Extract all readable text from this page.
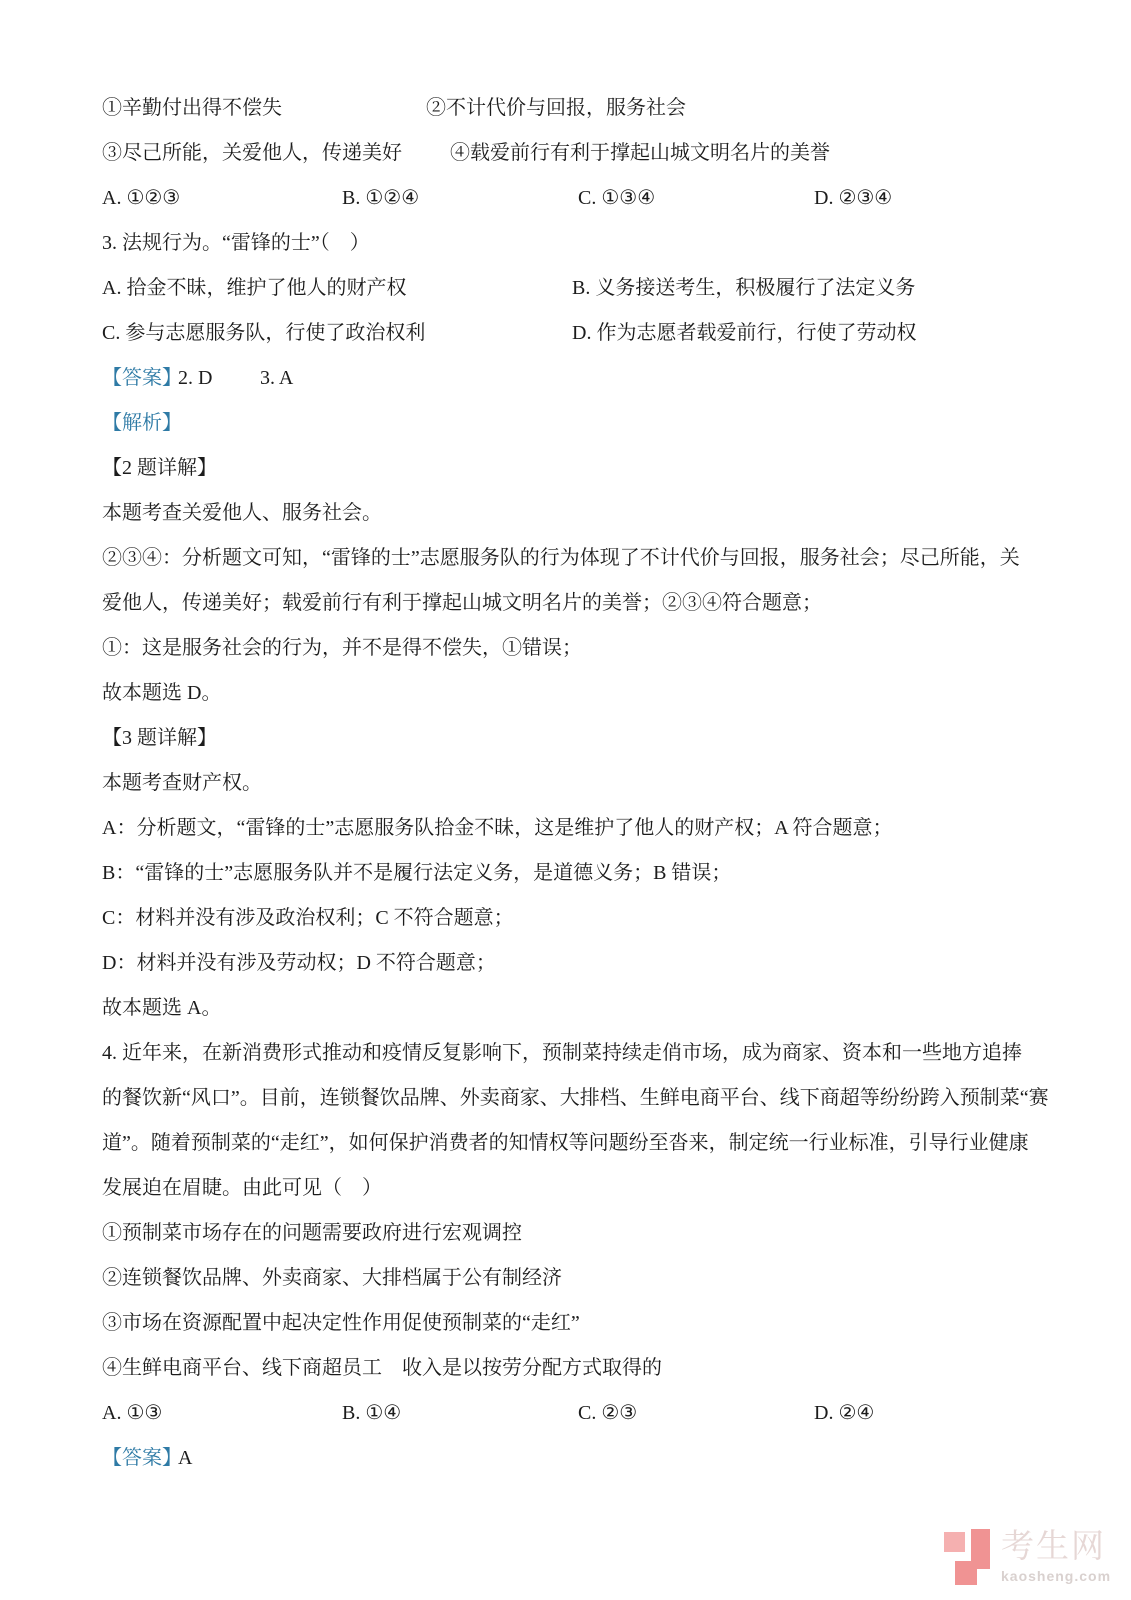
①辛勤付出得不偿失	②不计代价与回报，服务社会
③尽己所能，关爱他人，传递美好 ④载爱前行有利于撑起山城文明名片的美誉
A. ①②③	B. ①②④	C. ①③④	D. ②③④
3. 法规行为。“雷锋的士”（　）
A. 拾金不昧，维护了他人的财产权	B. 义务接送考生，积极履行了法定义务
C. 参与志愿服务队，行使了政治权利	D. 作为志愿者载爱前行，行使了劳动权
【答案】
2. D 3. A
【解析】
【2 题详解】
本题考查关爱他人、服务社会。
②③④：分析题文可知，“雷锋的士”志愿服务队的行为体现了不计代价与回报，服务社会；尽己所能，关
爱他人，传递美好；载爱前行有利于撑起山城文明名片的美誉；②③④符合题意；
①：这是服务社会的行为，并不是得不偿失，①错误；
故本题选 D。
【3 题详解】
本题考查财产权。
A：分析题文，“雷锋的士”志愿服务队拾金不昧，这是维护了他人的财产权；A 符合题意；
B：“雷锋的士”志愿服务队并不是履行法定义务，是道德义务；B 错误；
C：材料并没有涉及政治权利；C 不符合题意；
D：材料并没有涉及劳动权；D 不符合题意；
故本题选 A。
4. 近年来，在新消费形式推动和疫情反复影响下，预制菜持续走俏市场，成为商家、资本和一些地方追捧
的餐饮新“风口”。目前，连锁餐饮品牌、外卖商家、大排档、生鲜电商平台、线下商超等纷纷跨入预制菜“赛
道”。随着预制菜的“走红”，如何保护消费者的知情权等问题纷至沓来，制定统一行业标准，引导行业健康
发展迫在眉睫。由此可见（　）
①预制菜市场存在的问题需要政府进行宏观调控
②连锁餐饮品牌、外卖商家、大排档属于公有制经济
③市场在资源配置中起决定性作用促使预制菜的“走红”
④生鲜电商平台、线下商超员工　收入是以按劳分配方式取得的
A. ①③	B. ①④	C. ②③	D. ②④
【答案】
A
考生网
kaosheng.com
